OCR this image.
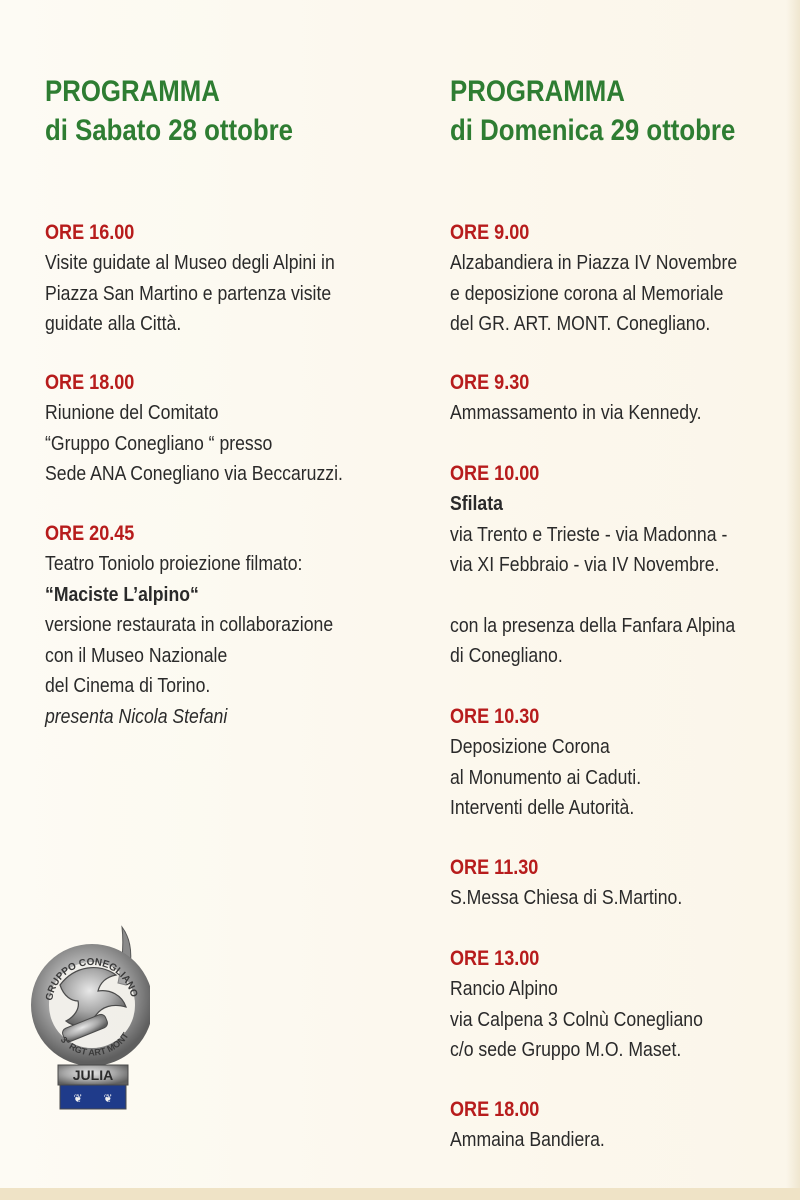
PROGRAMMA
di Sabato 28 ottobre
ORE 16.00
Visite guidate al Museo degli Alpini in
Piazza San Martino e partenza visite
guidate alla Città.
ORE 18.00
Riunione del Comitato
“Gruppo Conegliano “ presso
Sede ANA Conegliano via Beccaruzzi.
ORE 20.45
Teatro Toniolo proiezione filmato:
“Maciste L’alpino“
versione restaurata in collaborazione
con il Museo Nazionale
del Cinema di Torino.
presenta Nicola Stefani
GRUPPO CONEGLIANO
3° RGT ART MONT
JULIA
❦ ❦
PROGRAMMA
di Domenica 29 ottobre
ORE 9.00
Alzabandiera in Piazza IV Novembre
e deposizione corona al Memoriale
del GR. ART. MONT. Conegliano.
ORE 9.30
Ammassamento in via Kennedy.
ORE 10.00
Sfilata
via Trento e Trieste - via Madonna -
via XI Febbraio - via IV Novembre.
con la presenza della Fanfara Alpina
di Conegliano.
ORE 10.30
Deposizione Corona
al Monumento ai Caduti.
Interventi delle Autorità.
ORE 11.30
S.Messa Chiesa di S.Martino.
ORE 13.00
Rancio Alpino
via Calpena 3 Colnù Conegliano
c/o sede Gruppo M.O. Maset.
ORE 18.00
Ammaina Bandiera.
